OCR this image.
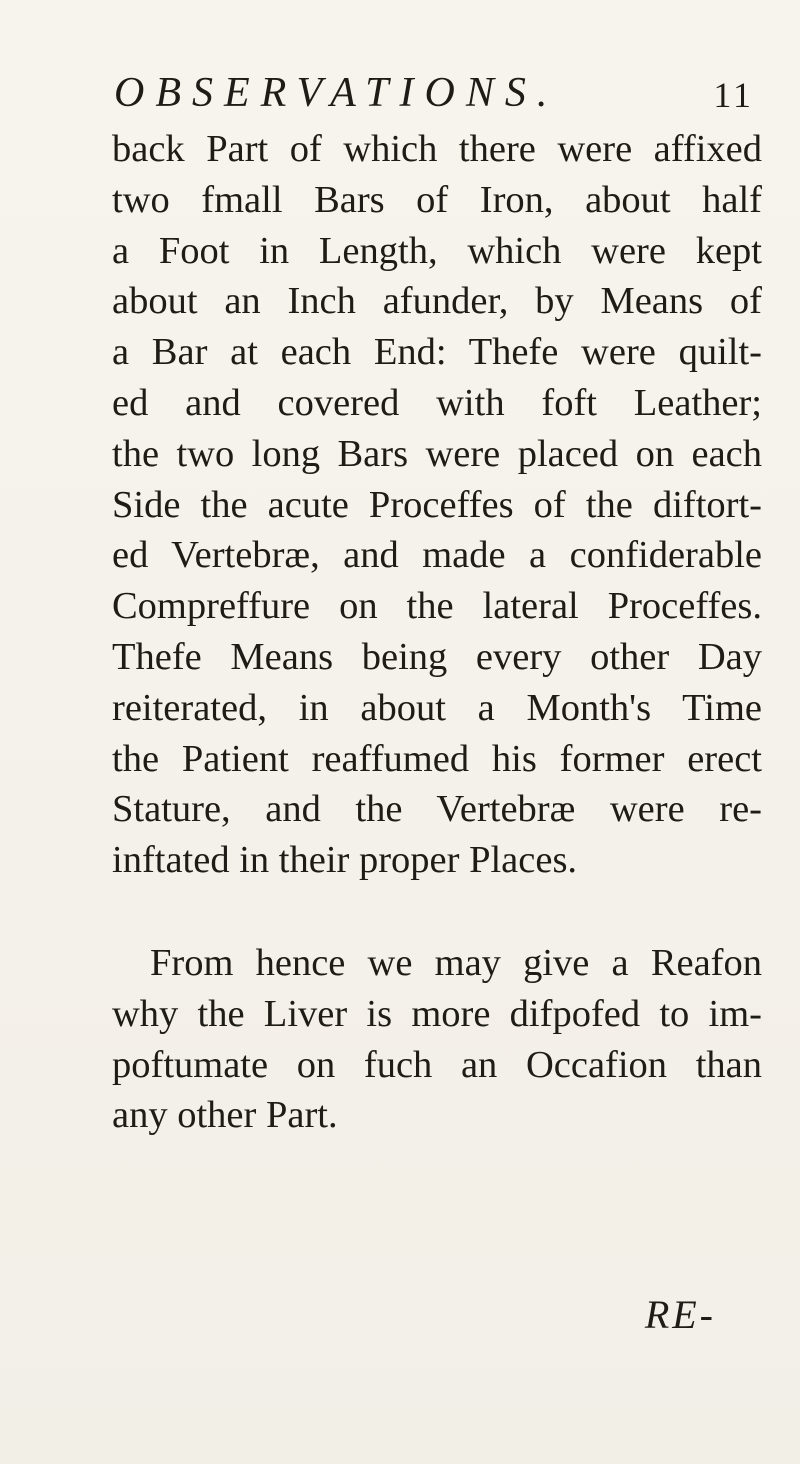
OBSERVATIONS.	11
back Part of which there were affixed
two fmall Bars of Iron, about half
a Foot in Length, which were kept
about an Inch afunder, by Means of
a Bar at each End: Thefe were quilt-
ed and covered with foft Leather;
the two long Bars were placed on each
Side the acute Proceffes of the diftort-
ed Vertebræ, and made a confiderable
Compreffure on the lateral Proceffes.
Thefe Means being every other Day
reiterated, in about a Month's Time
the Patient reaffumed his former erect
Stature, and the Vertebræ were re-
inftated in their proper Places.
From hence we may give a Reafon
why the Liver is more difpofed to im-
poftumate on fuch an Occafion than
any other Part.
RE-
